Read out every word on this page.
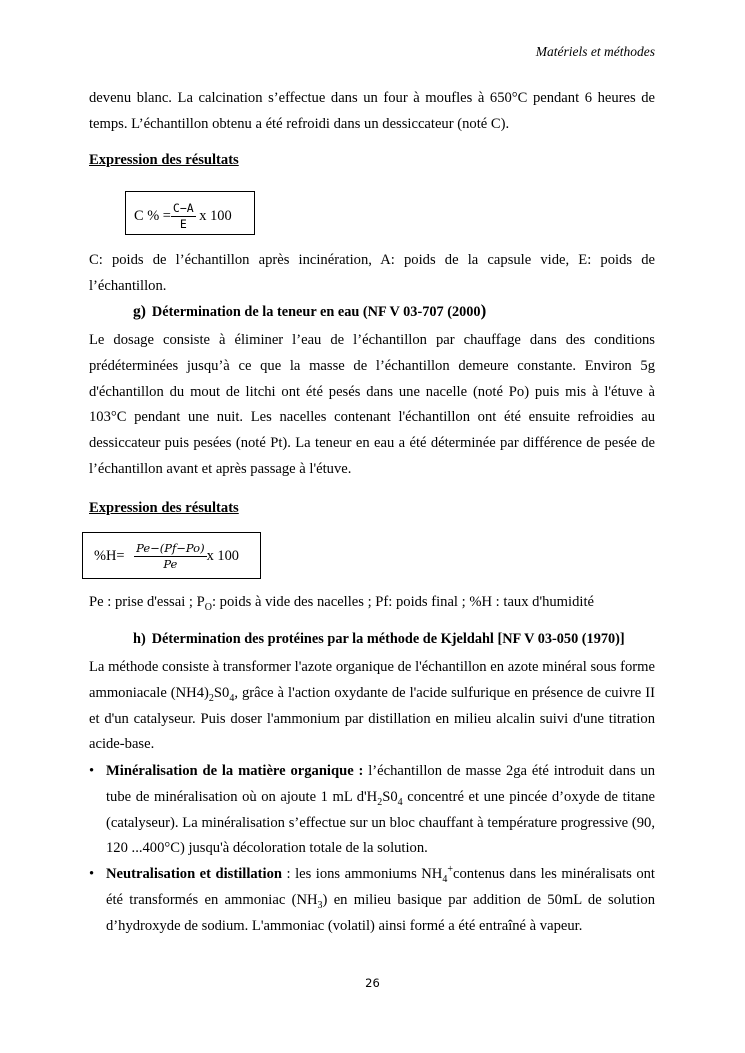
Matériels et méthodes
devenu blanc. La calcination s’effectue dans un four à moufles à 650°C pendant 6 heures de temps. L’échantillon obtenu a été refroidi dans un dessiccateur (noté C).
Expression des résultats
C % = $\frac{C-A}{E}$ x 100
C: poids de l’échantillon après incinération, A: poids de la capsule vide, E: poids de l’échantillon.
g) Détermination de la teneur en eau (NF V 03-707 (2000)
Le dosage consiste à éliminer l’eau de l’échantillon par chauffage dans des conditions prédéterminées jusqu’à ce que la masse de l’échantillon demeure constante. Environ 5g d'échantillon du mout de litchi ont été pesés dans une nacelle (noté Po) puis mis à l'étuve à 103°C pendant une nuit. Les nacelles contenant l'échantillon ont été ensuite refroidies au dessiccateur puis pesées (noté Pt). La teneur en eau a été déterminée par différence de pesée de l’échantillon avant et après passage à l'étuve.
Expression des résultats
$\%H= \frac{Pe-(Pf-Po)}{Pe}$ x 100
Pe : prise d'essai ; $P_O$: poids à vide des nacelles ; Pf: poids final ; %H : taux d'humidité
h) Détermination des protéines par la méthode de Kjeldahl [NF V 03-050 (1970)]
La méthode consiste à transformer l'azote organique de l'échantillon en azote minéral sous forme ammoniacale $(NH4)_2S0_4$, grâce à l'action oxydante de l'acide sulfurique en présence de cuivre II et d'un catalyseur. Puis doser l'ammonium par distillation en milieu alcalin suivi d'une titration acide-base.
• Minéralisation de la matière organique : l’échantillon de masse 2ga été introduit dans un tube de minéralisation où on ajoute 1 mL $d'H_2S0_4$ concentré et une pincée d’oxyde de titane (catalyseur). La minéralisation s’effectue sur un bloc chauffant à température progressive (90, 120 ...400°C) jusqu'à décoloration totale de la solution.
• Neutralisation et distillation : les ions ammoniums $NH_4^+contenus$ dans les minéralisats ont été transformés en ammoniac $(NH_3)$ en milieu basique par addition de 50mL de solution d’hydroxyde de sodium. L'ammoniac (volatil) ainsi formé a été entraîné à vapeur.
26
